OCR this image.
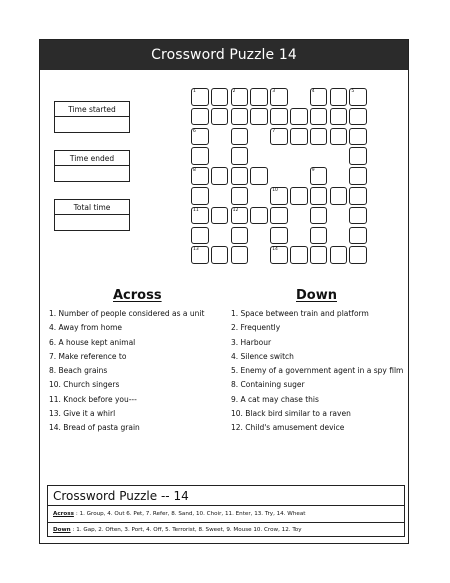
Crossword Puzzle 14
Time started
Time ended
Total time
1	2	3	4	5
6	7
8	9
10
11	12
13	14
Across
1. Number of people considered as a unit
4. Away from home
6. A house kept animal
7. Make reference to
8. Beach grains
10. Church singers
11. Knock before you---
13. Give it a whirl
14. Bread of pasta grain
Down
1. Space between train and platform
2. Frequently
3. Harbour
4. Silence switch
5. Enemy of a government agent in a spy film
8. Containing suger
9. A cat may chase this
10. Black bird similar to a raven
12. Child's amusement device
Crossword Puzzle -- 14
Across : 1. Group, 4. Out 6. Pet, 7. Refer, 8. Sand, 10. Choir, 11. Enter, 13. Try, 14. Wheat
Down : 1. Gap, 2. Often, 3. Port, 4. Off, 5. Terrorist, 8. Sweet, 9. Mouse 10. Crow, 12. Toy
